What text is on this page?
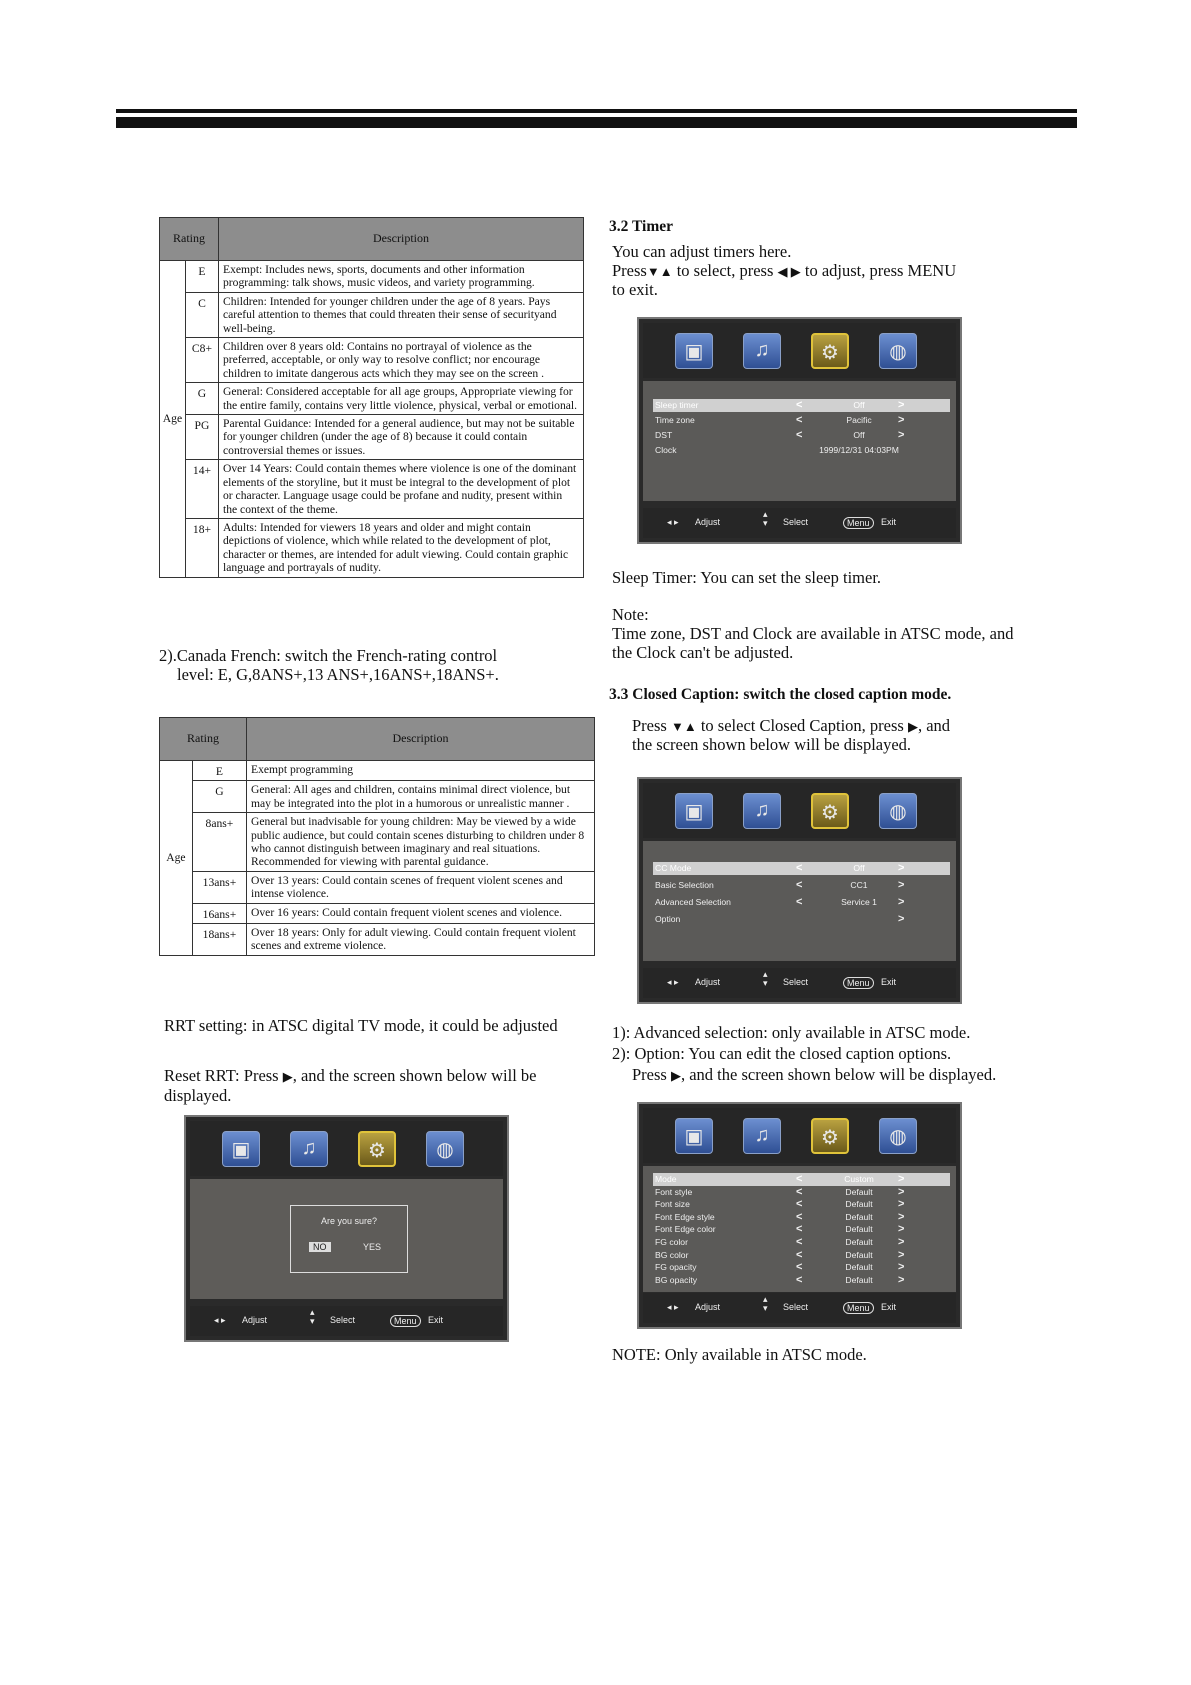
Rating		Description
Age	E	Exempt: Includes news, sports, documents and other information programming: talk shows, music videos, and variety programming.
	C	Children: Intended for younger children under the age of 8 years. Pays careful attention to themes that could threaten their sense of securityand well-being.
	C8+	Children over 8 years old: Contains no portrayal of violence as the preferred, acceptable, or only way to resolve conflict; nor encourage children to imitate dangerous acts which they may see on the screen .
	G	General: Considered acceptable for all age groups, Appropriate viewing for the entire family, contains very little violence, physical, verbal or emotional.
	PG	Parental Guidance: Intended for a general audience, but may not be suitable for younger children (under the age of 8) because it could contain controversial themes or issues.
	14+	Over 14 Years: Could contain themes where violence is one of the dominant elements of the storyline, but it must be integral to the development of plot or character. Language usage could be profane and nudity, present within the context of the theme.
	18+	Adults: Intended for viewers 18 years and older and might contain depictions of violence, which while related to the development of plot, character or themes, are intended for adult viewing. Could contain graphic language and portrayals of nudity.
2).Canada French: switch the French-rating control
level: E, G,8ANS+,13 ANS+,16ANS+,18ANS+.
Rating		Description
Age	E	Exempt programming
	G	General: All ages and children, contains minimal direct violence, but may be integrated into the plot in a humorous or unrealistic manner .
	8ans+	General but inadvisable for young children: May be viewed by a wide public audience, but could contain scenes disturbing to children under 8 who cannot distinguish between imaginary and real situations. Recommended for viewing with parental guidance.
	13ans+	Over 13 years: Could contain scenes of frequent violent scenes and intense violence.
	16ans+	Over 16 years: Could contain frequent violent scenes and violence.
	18ans+	Over 18 years: Only for adult viewing. Could contain frequent violent scenes and extreme violence.
RRT setting: in ATSC digital TV mode, it could be adjusted
Reset RRT: Press ▶, and the screen shown below will be displayed.
▣	♫	⚙	◍
Are you sure?
NO	YES
◂ ▸ Adjust
▴
▾ Select	Menu	Exit
3.2 Timer
You can adjust timers here.
Press▼▲ to select, press ◀ ▶ to adjust, press MENU
to exit.
▣	♫	⚙	◍
◂ ▸ Adjust
▴
▾ Select	Menu	Exit
Sleep timer	<	Off	>
Time zone	<	Pacific	>
DST	<	Off	>
Clock	1999/12/31 04:03PM
Sleep Timer: You can set the sleep timer.
Note:
Time zone, DST and Clock are available in ATSC mode, and the Clock can't be adjusted.
3.3 Closed Caption: switch the closed caption mode.
Press ▼▲ to select Closed Caption, press ▶, and
the screen shown below will be displayed.
▣	♫	⚙	◍
◂ ▸ Adjust
▴
▾ Select	Menu	Exit
CC Mode	<	Off	>
Basic Selection	<	CC1	>
Advanced Selection	<	Service 1	>
Option	>
1): Advanced selection: only available in ATSC mode.
2): Option: You can edit the closed caption options.
Press ▶, and the screen shown below will be displayed.
▣	♫	⚙	◍
◂ ▸ Adjust
▴
▾ Select	Menu	Exit
Mode	<	Custom	>
Font style	<	Default	>
Font size	<	Default	>
Font Edge style	<	Default	>
Font Edge color	<	Default	>
FG color	<	Default	>
BG color	<	Default	>
FG opacity	<	Default	>
BG opacity	<	Default	>
NOTE: Only available in ATSC mode.
